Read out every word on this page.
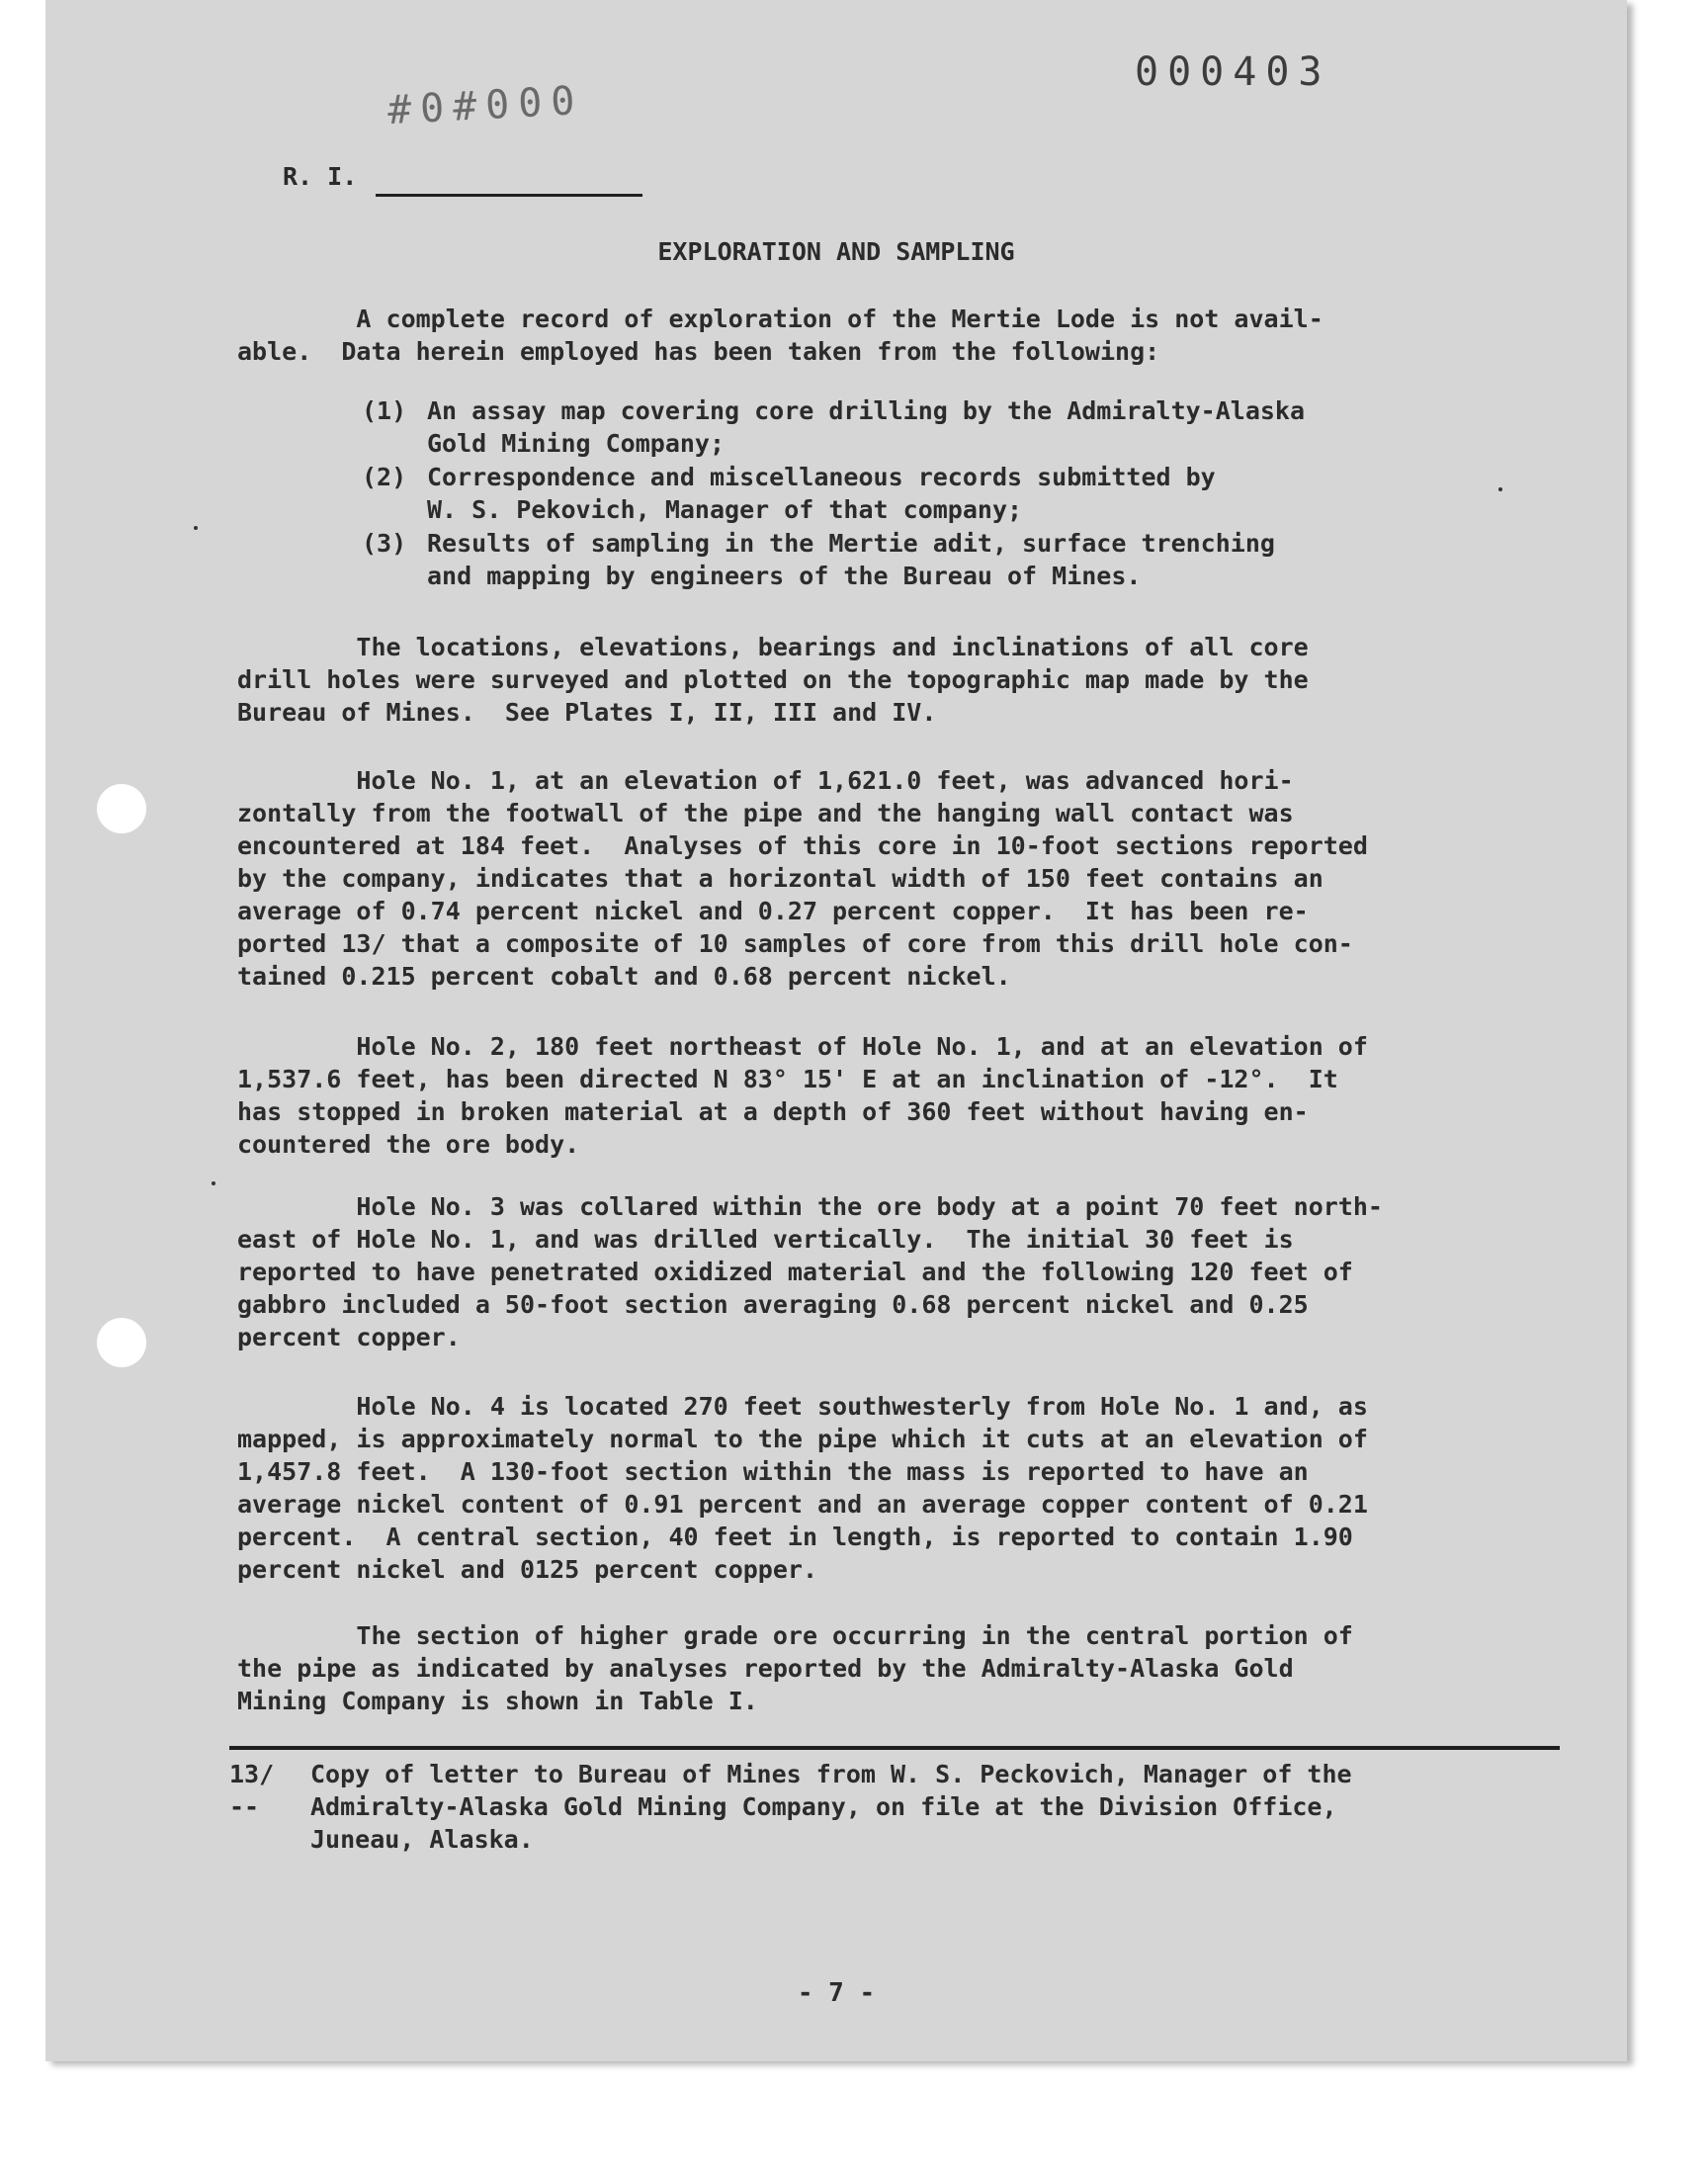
000403
#0#000
R. I.
EXPLORATION AND SAMPLING
A complete record of exploration of the Mertie Lode is not avail-
able.  Data herein employed has been taken from the following:
(1) An assay map covering core drilling by the Admiralty-Alaska
Gold Mining Company;
(2) Correspondence and miscellaneous records submitted by
W. S. Pekovich, Manager of that company;
(3) Results of sampling in the Mertie adit, surface trenching
and mapping by engineers of the Bureau of Mines.
The locations, elevations, bearings and inclinations of all core
drill holes were surveyed and plotted on the topographic map made by the
Bureau of Mines.  See Plates I, II, III and IV.
Hole No. 1, at an elevation of 1,621.0 feet, was advanced hori-
zontally from the footwall of the pipe and the hanging wall contact was
encountered at 184 feet.  Analyses of this core in 10-foot sections reported
by the company, indicates that a horizontal width of 150 feet contains an
average of 0.74 percent nickel and 0.27 percent copper.  It has been re-
ported 13/ that a composite of 10 samples of core from this drill hole con-
tained 0.215 percent cobalt and 0.68 percent nickel.
Hole No. 2, 180 feet northeast of Hole No. 1, and at an elevation of
1,537.6 feet, has been directed N 83° 15' E at an inclination of -12°.  It
has stopped in broken material at a depth of 360 feet without having en-
countered the ore body.
Hole No. 3 was collared within the ore body at a point 70 feet north-
east of Hole No. 1, and was drilled vertically.  The initial 30 feet is
reported to have penetrated oxidized material and the following 120 feet of
gabbro included a 50-foot section averaging 0.68 percent nickel and 0.25
percent copper.
Hole No. 4 is located 270 feet southwesterly from Hole No. 1 and, as
mapped, is approximately normal to the pipe which it cuts at an elevation of
1,457.8 feet.  A 130-foot section within the mass is reported to have an
average nickel content of 0.91 percent and an average copper content of 0.21
percent.  A central section, 40 feet in length, is reported to contain 1.90
percent nickel and 0125 percent copper.
The section of higher grade ore occurring in the central portion of
the pipe as indicated by analyses reported by the Admiralty-Alaska Gold
Mining Company is shown in Table I.
13/
--
Copy of letter to Bureau of Mines from W. S. Peckovich, Manager of the
Admiralty-Alaska Gold Mining Company, on file at the Division Office,
Juneau, Alaska.
- 7 -
